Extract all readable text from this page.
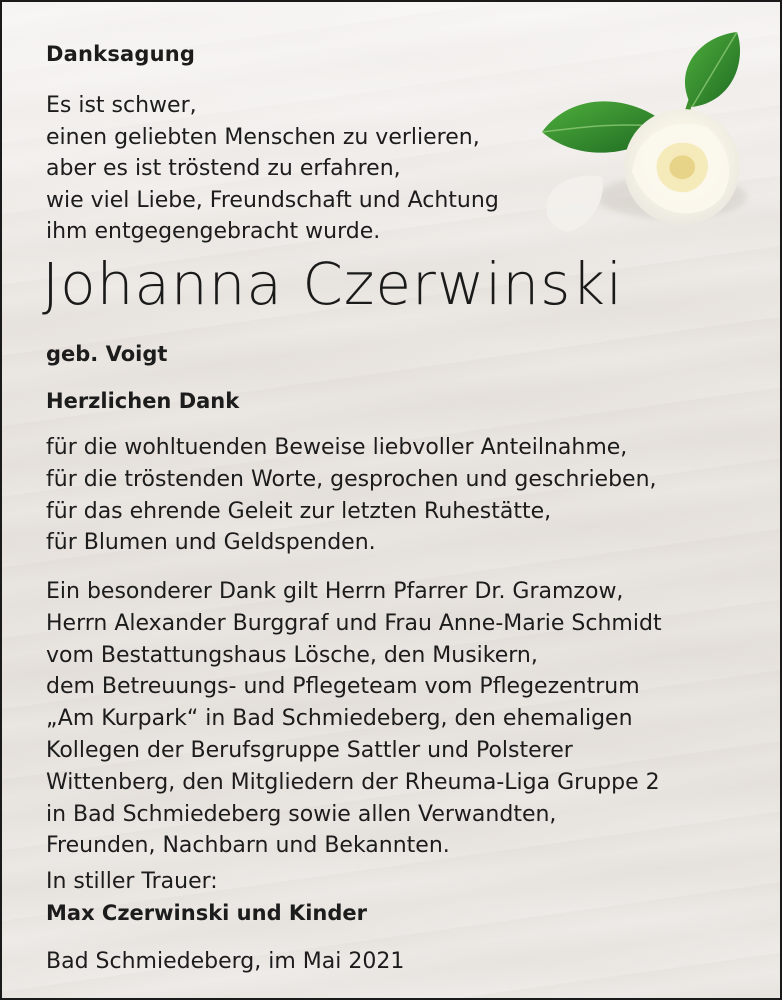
Danksagung
Es ist schwer,
einen geliebten Menschen zu verlieren,
aber es ist tröstend zu erfahren,
wie viel Liebe, Freundschaft und Achtung
ihm entgegengebracht wurde.
Johanna Czerwinski
geb. Voigt
Herzlichen Dank
für die wohltuenden Beweise liebvoller Anteilnahme,
für die tröstenden Worte, gesprochen und geschrieben,
für das ehrende Geleit zur letzten Ruhestätte,
für Blumen und Geldspenden.
Ein besonderer Dank gilt Herrn Pfarrer Dr. Gramzow,
Herrn Alexander Burggraf und Frau Anne-Marie Schmidt
vom Bestattungshaus Lösche, den Musikern,
dem Betreuungs- und Pflegeteam vom Pflegezentrum
„Am Kurpark“ in Bad Schmiedeberg, den ehemaligen
Kollegen der Berufsgruppe Sattler und Polsterer
Wittenberg, den Mitgliedern der Rheuma-Liga Gruppe 2
in Bad Schmiedeberg sowie allen Verwandten,
Freunden, Nachbarn und Bekannten.
In stiller Trauer:
Max Czerwinski und Kinder
Bad Schmiedeberg, im Mai 2021
